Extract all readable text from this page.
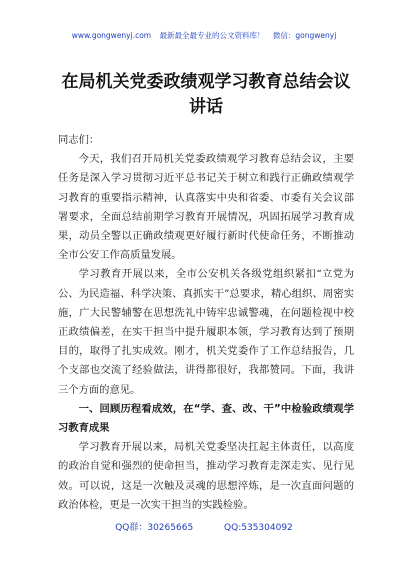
www.gongwenyj.com 最新最全最专业的公文资料库！ 微信：gongwenyj
在局机关党委政绩观学习教育总结会议讲话

同志们：

今天，我们召开局机关党委政绩观学习教育总结会议，主要任务是深入学习贯彻习近平总书记关于树立和践行正确政绩观学习教育的重要指示精神，认真落实中央和省委、市委有关会议部署要求，全面总结前期学习教育开展情况，巩固拓展学习教育成果，动员全警以正确政绩观更好履行新时代使命任务，不断推动全市公安工作高质量发展。

学习教育开展以来，全市公安机关各级党组织紧扣“立党为公、为民造福、科学决策、真抓实干”总要求，精心组织、周密实施，广大民警辅警在思想洗礼中铸牢忠诚警魂，在问题检视中校正政绩偏差，在实干担当中提升履职本领，学习教育达到了预期目的，取得了扎实成效。刚才，机关党委作了工作总结报告，几个支部也交流了经验做法，讲得都很好，我都赞同。下面，我讲三个方面的意见。

一、回顾历程看成效，在“学、查、改、干”中检验政绩观学习教育成果

学习教育开展以来，局机关党委坚决扛起主体责任，以高度的政治自觉和强烈的使命担当，推动学习教育走深走实、见行见效。可以说，这是一次触及灵魂的思想淬炼，是一次直面问题的政治体检，更是一次实干担当的实践检验。

QQ群：30265665	QQ:535304092
